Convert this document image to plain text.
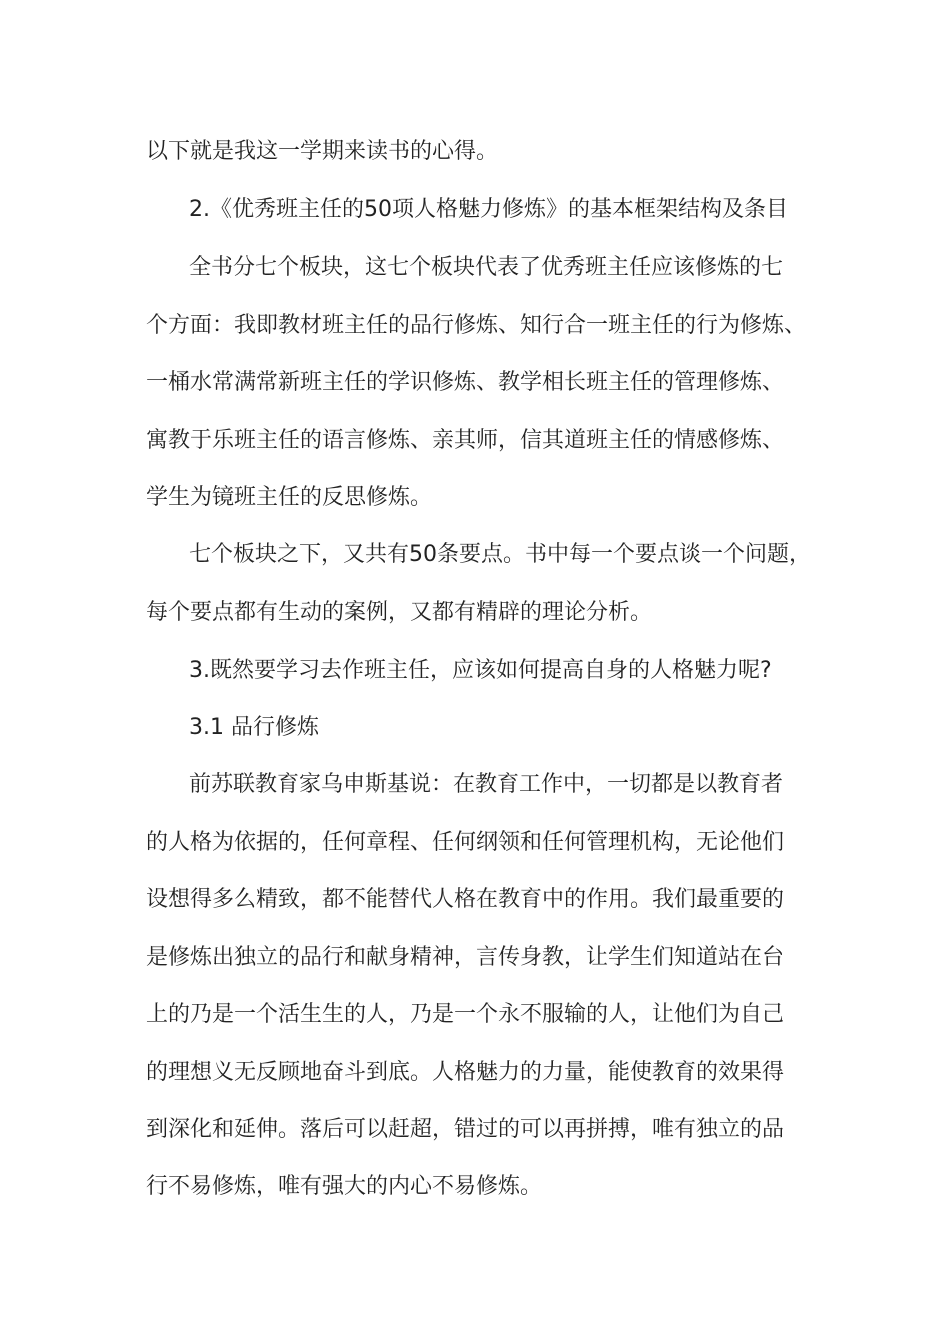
以下就是我这一学期来读书的心得。
2.《优秀班主任的50项人格魅力修炼》的基本框架结构及条目
全书分七个板块，这七个板块代表了优秀班主任应该修炼的七
个方面：我即教材班主任的品行修炼、知行合一班主任的行为修炼、
一桶水常满常新班主任的学识修炼、教学相长班主任的管理修炼、
寓教于乐班主任的语言修炼、亲其师，信其道班主任的情感修炼、
学生为镜班主任的反思修炼。
七个板块之下，又共有50条要点。书中每一个要点谈一个问题，
每个要点都有生动的案例，又都有精辟的理论分析。
3.既然要学习去作班主任，应该如何提高自身的人格魅力呢?
3.1 品行修炼
前苏联教育家乌申斯基说：在教育工作中，一切都是以教育者
的人格为依据的，任何章程、任何纲领和任何管理机构，无论他们
设想得多么精致，都不能替代人格在教育中的作用。我们最重要的
是修炼出独立的品行和献身精神，言传身教，让学生们知道站在台
上的乃是一个活生生的人，乃是一个永不服输的人，让他们为自己
的理想义无反顾地奋斗到底。人格魅力的力量，能使教育的效果得
到深化和延伸。落后可以赶超，错过的可以再拼搏，唯有独立的品
行不易修炼，唯有强大的内心不易修炼。
